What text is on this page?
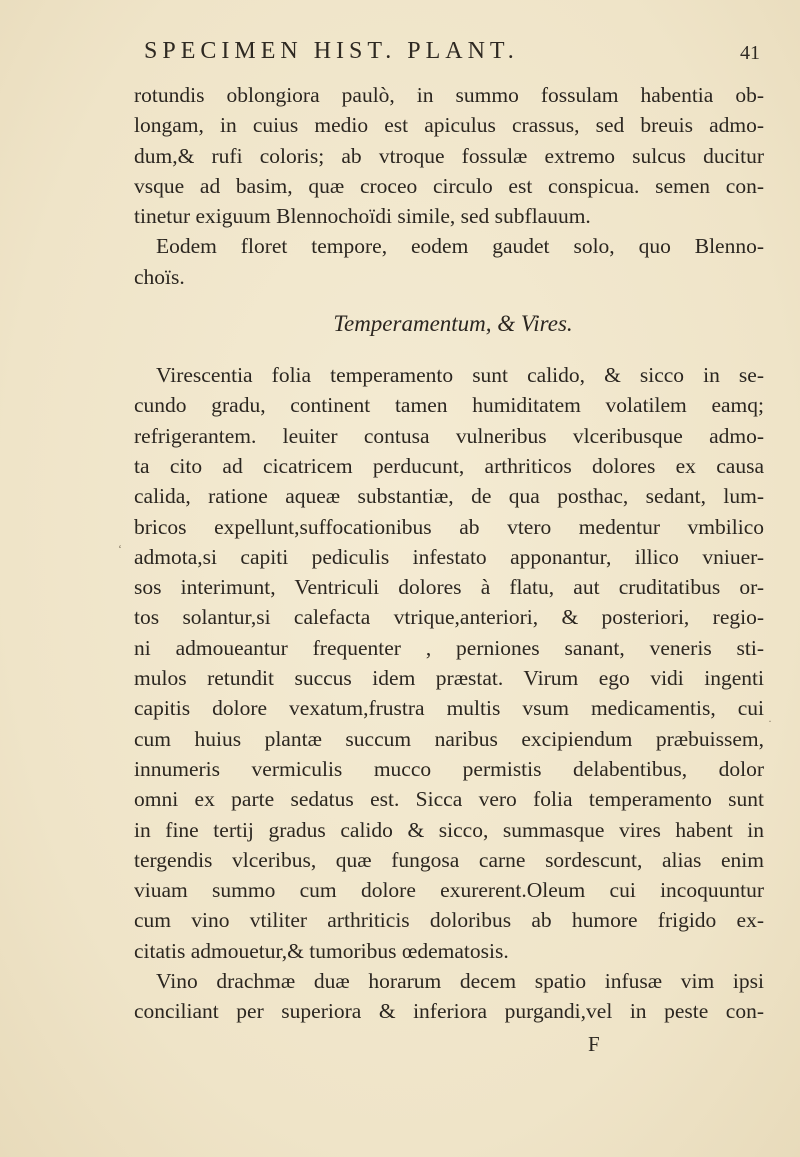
SPECIMEN HIST. PLANT.	41
rotundis oblongiora paulò, in summo fossulam habentia ob-
longam, in cuius medio est apiculus crassus, sed breuis admo-
dum,& rufi coloris; ab vtroque fossulæ extremo sulcus ducitur
vsque ad basim, quæ croceo circulo est conspicua. semen con-
tinetur exiguum Blennochoïdi simile, sed subflauum.
Eodem floret tempore, eodem gaudet solo, quo Blenno-
choïs.
Temperamentum, & Vires.
Virescentia folia temperamento sunt calido, & sicco in se-
cundo gradu, continent tamen humiditatem volatilem eamq;
refrigerantem. leuiter contusa vulneribus vlceribusque admo-
ta cito ad cicatricem perducunt, arthriticos dolores ex causa
calida, ratione aqueæ substantiæ, de qua posthac, sedant, lum-
bricos expellunt,suffocationibus ab vtero medentur vmbilico
admota,si capiti pediculis infestato apponantur, illico vniuer-
sos interimunt, Ventriculi dolores à flatu, aut cruditatibus or-
tos solantur,si calefacta vtrique,anteriori, & posteriori, regio-
ni admoueantur frequenter , perniones sanant, veneris sti-
mulos retundit succus idem præstat. Virum ego vidi ingenti
capitis dolore vexatum,frustra multis vsum medicamentis, cui
cum huius plantæ succum naribus excipiendum præbuissem,
innumeris vermiculis mucco permistis delabentibus, dolor
omni ex parte sedatus est. Sicca vero folia temperamento sunt
in fine tertij gradus calido & sicco, summasque vires habent in
tergendis vlceribus, quæ fungosa carne sordescunt, alias enim
viuam summo cum dolore exurerent.Oleum cui incoquuntur
cum vino vtiliter arthriticis doloribus ab humore frigido ex-
citatis admouetur,& tumoribus œdematosis.
Vino drachmæ duæ horarum decem spatio infusæ vim ipsi
conciliant per superiora & inferiora purgandi,vel in peste con-
F
‘
·
